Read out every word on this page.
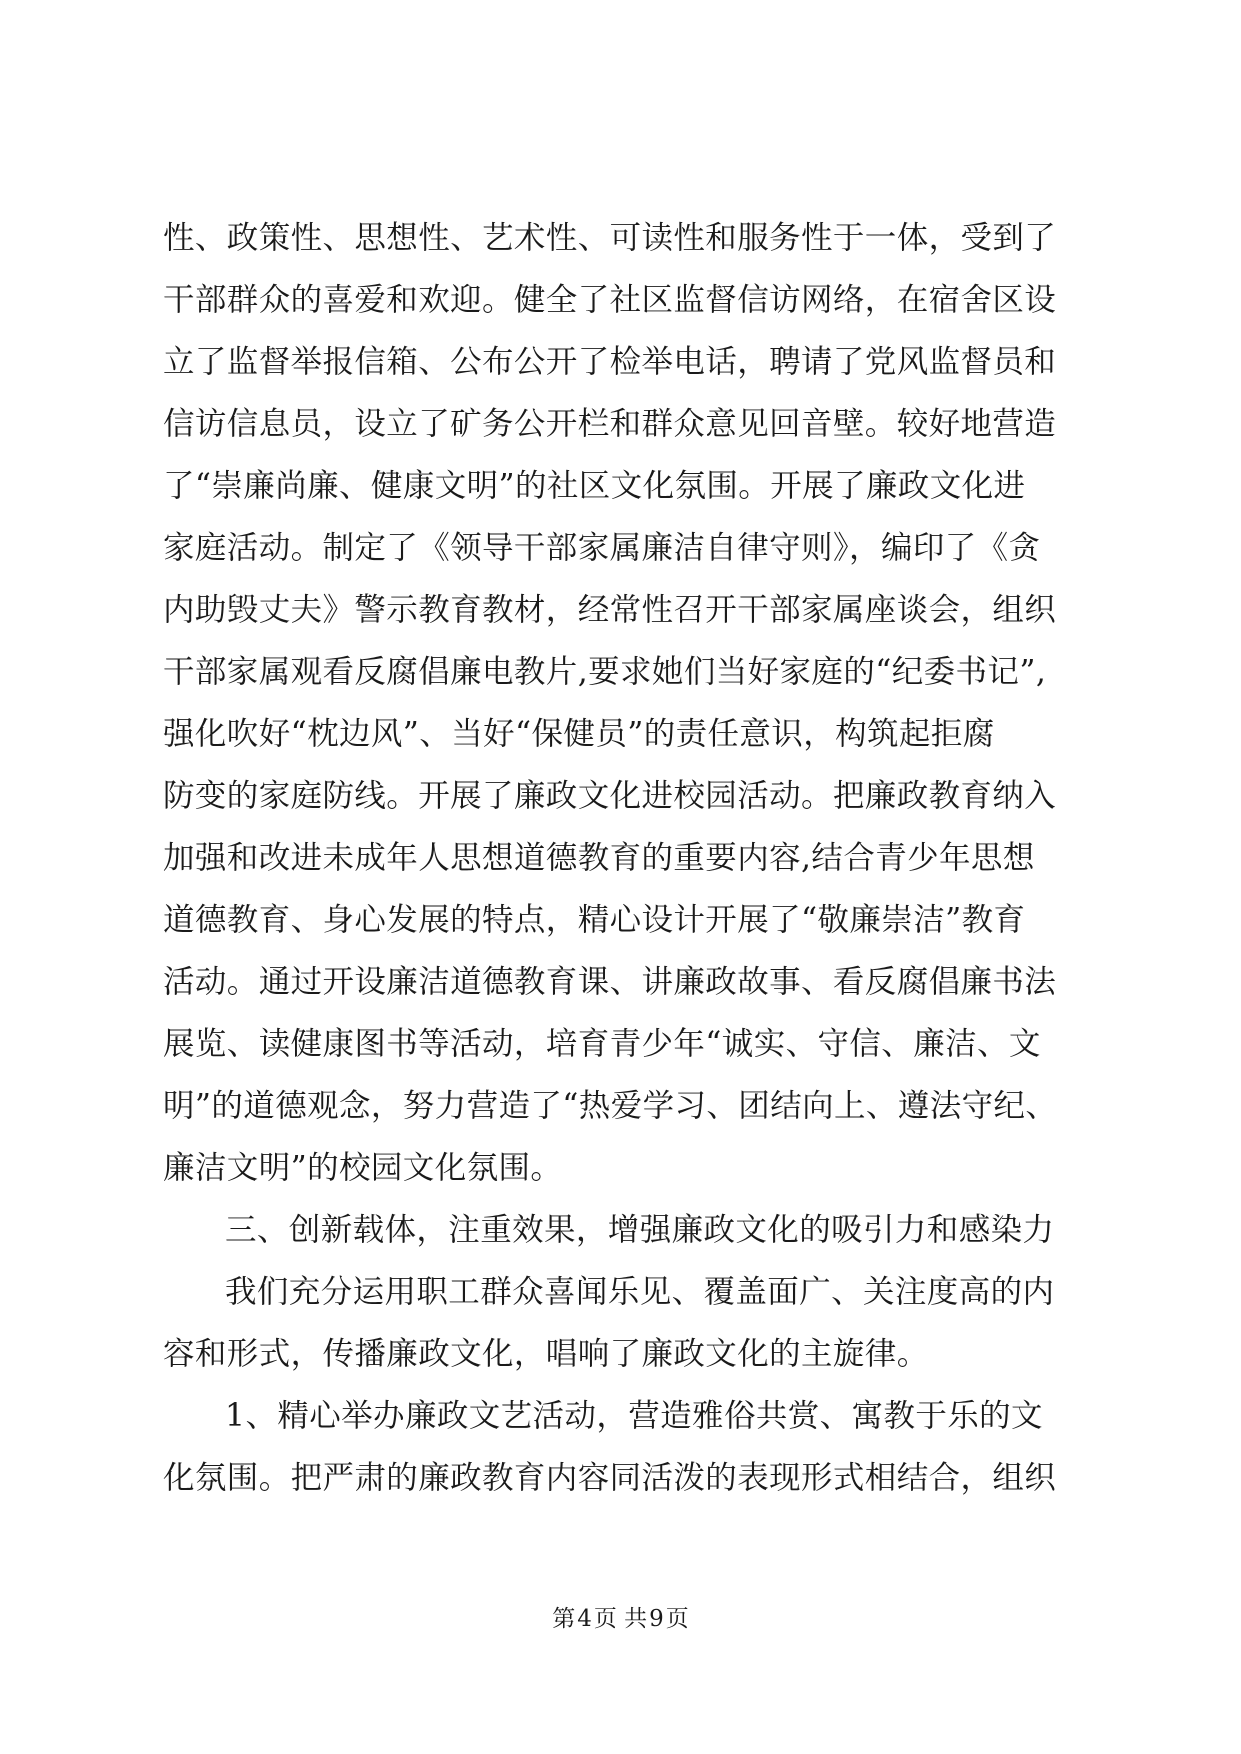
性、政策性、思想性、艺术性、可读性和服务性于一体，受到了
干部群众的喜爱和欢迎。健全了社区监督信访网络，在宿舍区设
立了监督举报信箱、公布公开了检举电话，聘请了党风监督员和
信访信息员，设立了矿务公开栏和群众意见回音壁。较好地营造
了“崇廉尚廉、健康文明”的社区文化氛围。开展了廉政文化进
家庭活动。制定了《领导干部家属廉洁自律守则》，编印了《贪
内助毁丈夫》警示教育教材，经常性召开干部家属座谈会，组织
干部家属观看反腐倡廉电教片,要求她们当好家庭的“纪委书记”,
强化吹好“枕边风”、当好“保健员”的责任意识，构筑起拒腐
防变的家庭防线。开展了廉政文化进校园活动。把廉政教育纳入
加强和改进未成年人思想道德教育的重要内容,结合青少年思想
道德教育、身心发展的特点，精心设计开展了“敬廉崇洁”教育
活动。通过开设廉洁道德教育课、讲廉政故事、看反腐倡廉书法
展览、读健康图书等活动，培育青少年“诚实、守信、廉洁、文
明”的道德观念，努力营造了“热爱学习、团结向上、遵法守纪、
廉洁文明”的校园文化氛围。
三、创新载体，注重效果，增强廉政文化的吸引力和感染力
我们充分运用职工群众喜闻乐见、覆盖面广、关注度高的内
容和形式，传播廉政文化，唱响了廉政文化的主旋律。
1、精心举办廉政文艺活动，营造雅俗共赏、寓教于乐的文
化氛围。把严肃的廉政教育内容同活泼的表现形式相结合，组织
第4页 共9页
